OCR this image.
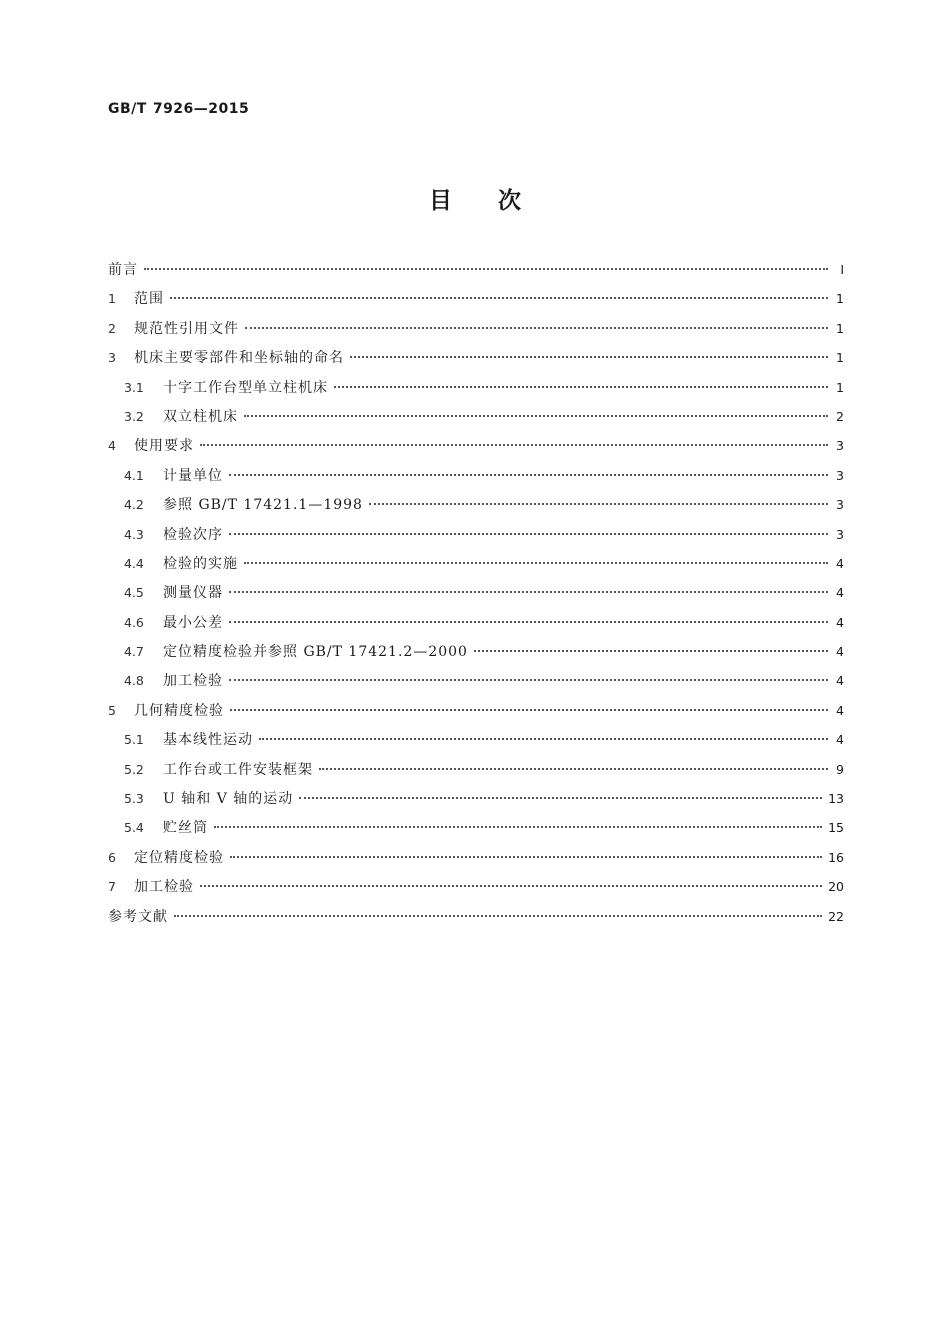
GB/T 7926—2015
目 次
前言	Ⅰ
1	范围	1
2	规范性引用文件	1
3	机床主要零部件和坐标轴的命名	1
3.1	十字工作台型单立柱机床	1
3.2	双立柱机床	2
4	使用要求	3
4.1	计量单位	3
4.2	参照 GB/T 17421.1—1998	3
4.3	检验次序	3
4.4	检验的实施	4
4.5	测量仪器	4
4.6	最小公差	4
4.7	定位精度检验并参照 GB/T 17421.2—2000	4
4.8	加工检验	4
5	几何精度检验	4
5.1	基本线性运动	4
5.2	工作台或工件安装框架	9
5.3	U 轴和 V 轴的运动	13
5.4	贮丝筒	15
6	定位精度检验	16
7	加工检验	20
参考文献	22
